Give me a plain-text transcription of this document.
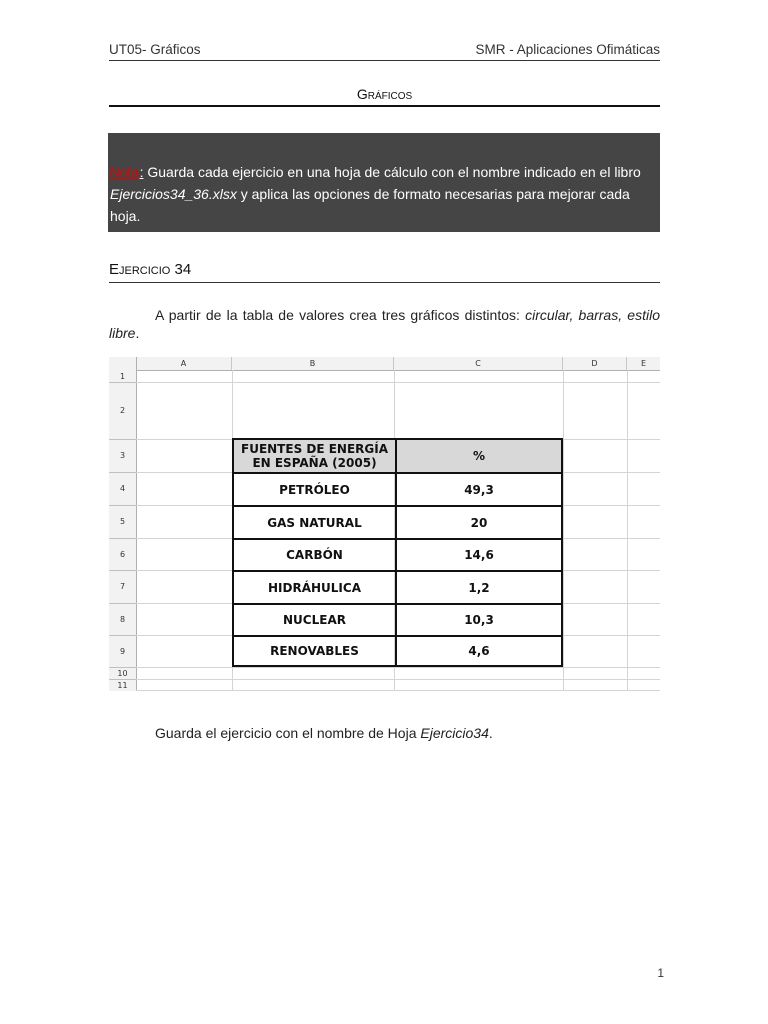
UT05- Gráficos	SMR - Aplicaciones Ofimáticas
Gráficos
Nota: Guarda cada ejercicio en una hoja de cálculo con el nombre indicado en el libro Ejercicios34_36.xlsx y aplica las opciones de formato necesarias para mejorar cada hoja.
Ejercicio 34
A partir de la tabla de valores crea tres gráficos distintos: circular, barras, estilo libre.
A	B	C	D	E
1
2
3
4
5
6
7
8
9
10
11
FUENTES DE ENERGÍA
EN ESPAÑA (2005)	%
PETRÓLEO	49,3
GAS NATURAL	20
CARBÓN	14,6
HIDRÁHULICA	1,2
NUCLEAR	10,3
RENOVABLES	4,6
Guarda el ejercicio con el nombre de Hoja Ejercicio34.
1
